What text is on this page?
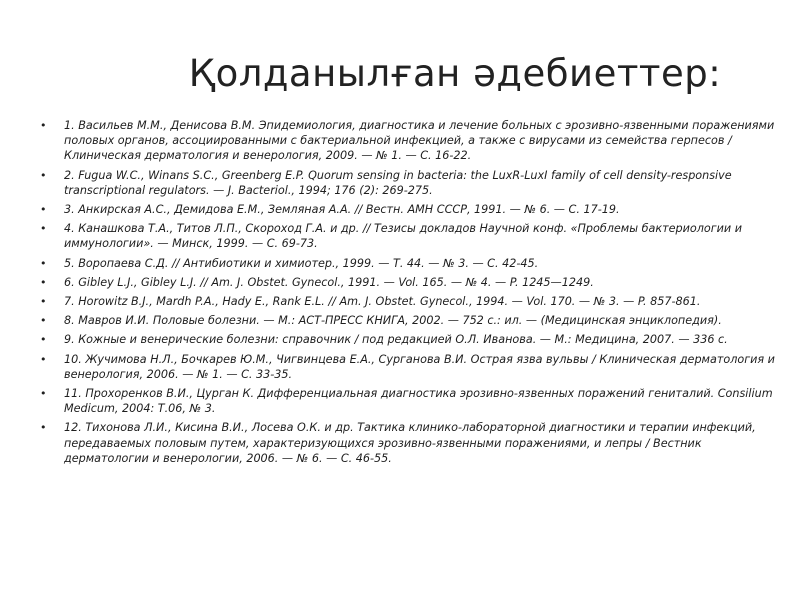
Қолданылған әдебиеттер:
• 1. Васильев М.М., Денисова В.М. Эпидемиология, диагностика и лечение больных с эрозивно-язвенными поражениями половых органов, ассоциированными с бактериальной инфекцией, а также с вирусами из семейства герпесов / Клиническая дерматология и венерология, 2009. — № 1. — С. 16-22.
• 2. Fugua W.C., Winans S.C., Greenberg E.P. Quorum sensing in bacteria: the LuxR-LuxI family of cell density-responsive transcriptional regulators. — J. Bacteriol., 1994; 176 (2): 269-275.
• 3. Анкирская А.С., Демидова Е.М., Земляная А.А. // Вестн. АМН СССР, 1991. — № 6. — С. 17-19.
• 4. Канашкова Т.А., Титов Л.П., Скороход Г.А. и др. // Тезисы докладов Научной конф. «Проблемы бактериологии и иммунологии». — Минск, 1999. — С. 69-73.
• 5. Воропаева С.Д. // Антибиотики и химиотер., 1999. — Т. 44. — № 3. — С. 42-45.
• 6. Gibley L.J., Gibley L.J. // Am. J. Obstet. Gynecol., 1991. — Vol. 165. — № 4. — P. 1245—1249.
• 7. Horowitz B.J., Mardh P.A., Hady E., Rank E.L. // Am. J. Obstet. Gynecol., 1994. — Vol. 170. — № 3. — P. 857-861.
• 8. Мавров И.И. Половые болезни. — М.: АСТ-ПРЕСС КНИГА, 2002. — 752 с.: ил. — (Медицинская энциклопедия).
• 9. Кожные и венерические болезни: справочник / под редакцией О.Л. Иванова. — М.: Медицина, 2007. — 336 с.
• 10. Жучимова Н.Л., Бочкарев Ю.М., Чигвинцева Е.А., Сурганова В.И. Острая язва вульвы / Клиническая дерматология и венерология, 2006. — № 1. — С. 33-35.
• 11. Прохоренков В.И., Цурган К. Дифференциальная диагностика эрозивно-язвенных поражений гениталий. Consilium Medicum, 2004: Т.06, № 3.
• 12. Тихонова Л.И., Кисина В.И., Лосева О.К. и др. Тактика клинико-лабораторной диагностики и терапии инфекций, передаваемых половым путем, характеризующихся эрозивно-язвенными поражениями, и лепры / Вестник дерматологии и венерологии, 2006. — № 6. — С. 46-55.
